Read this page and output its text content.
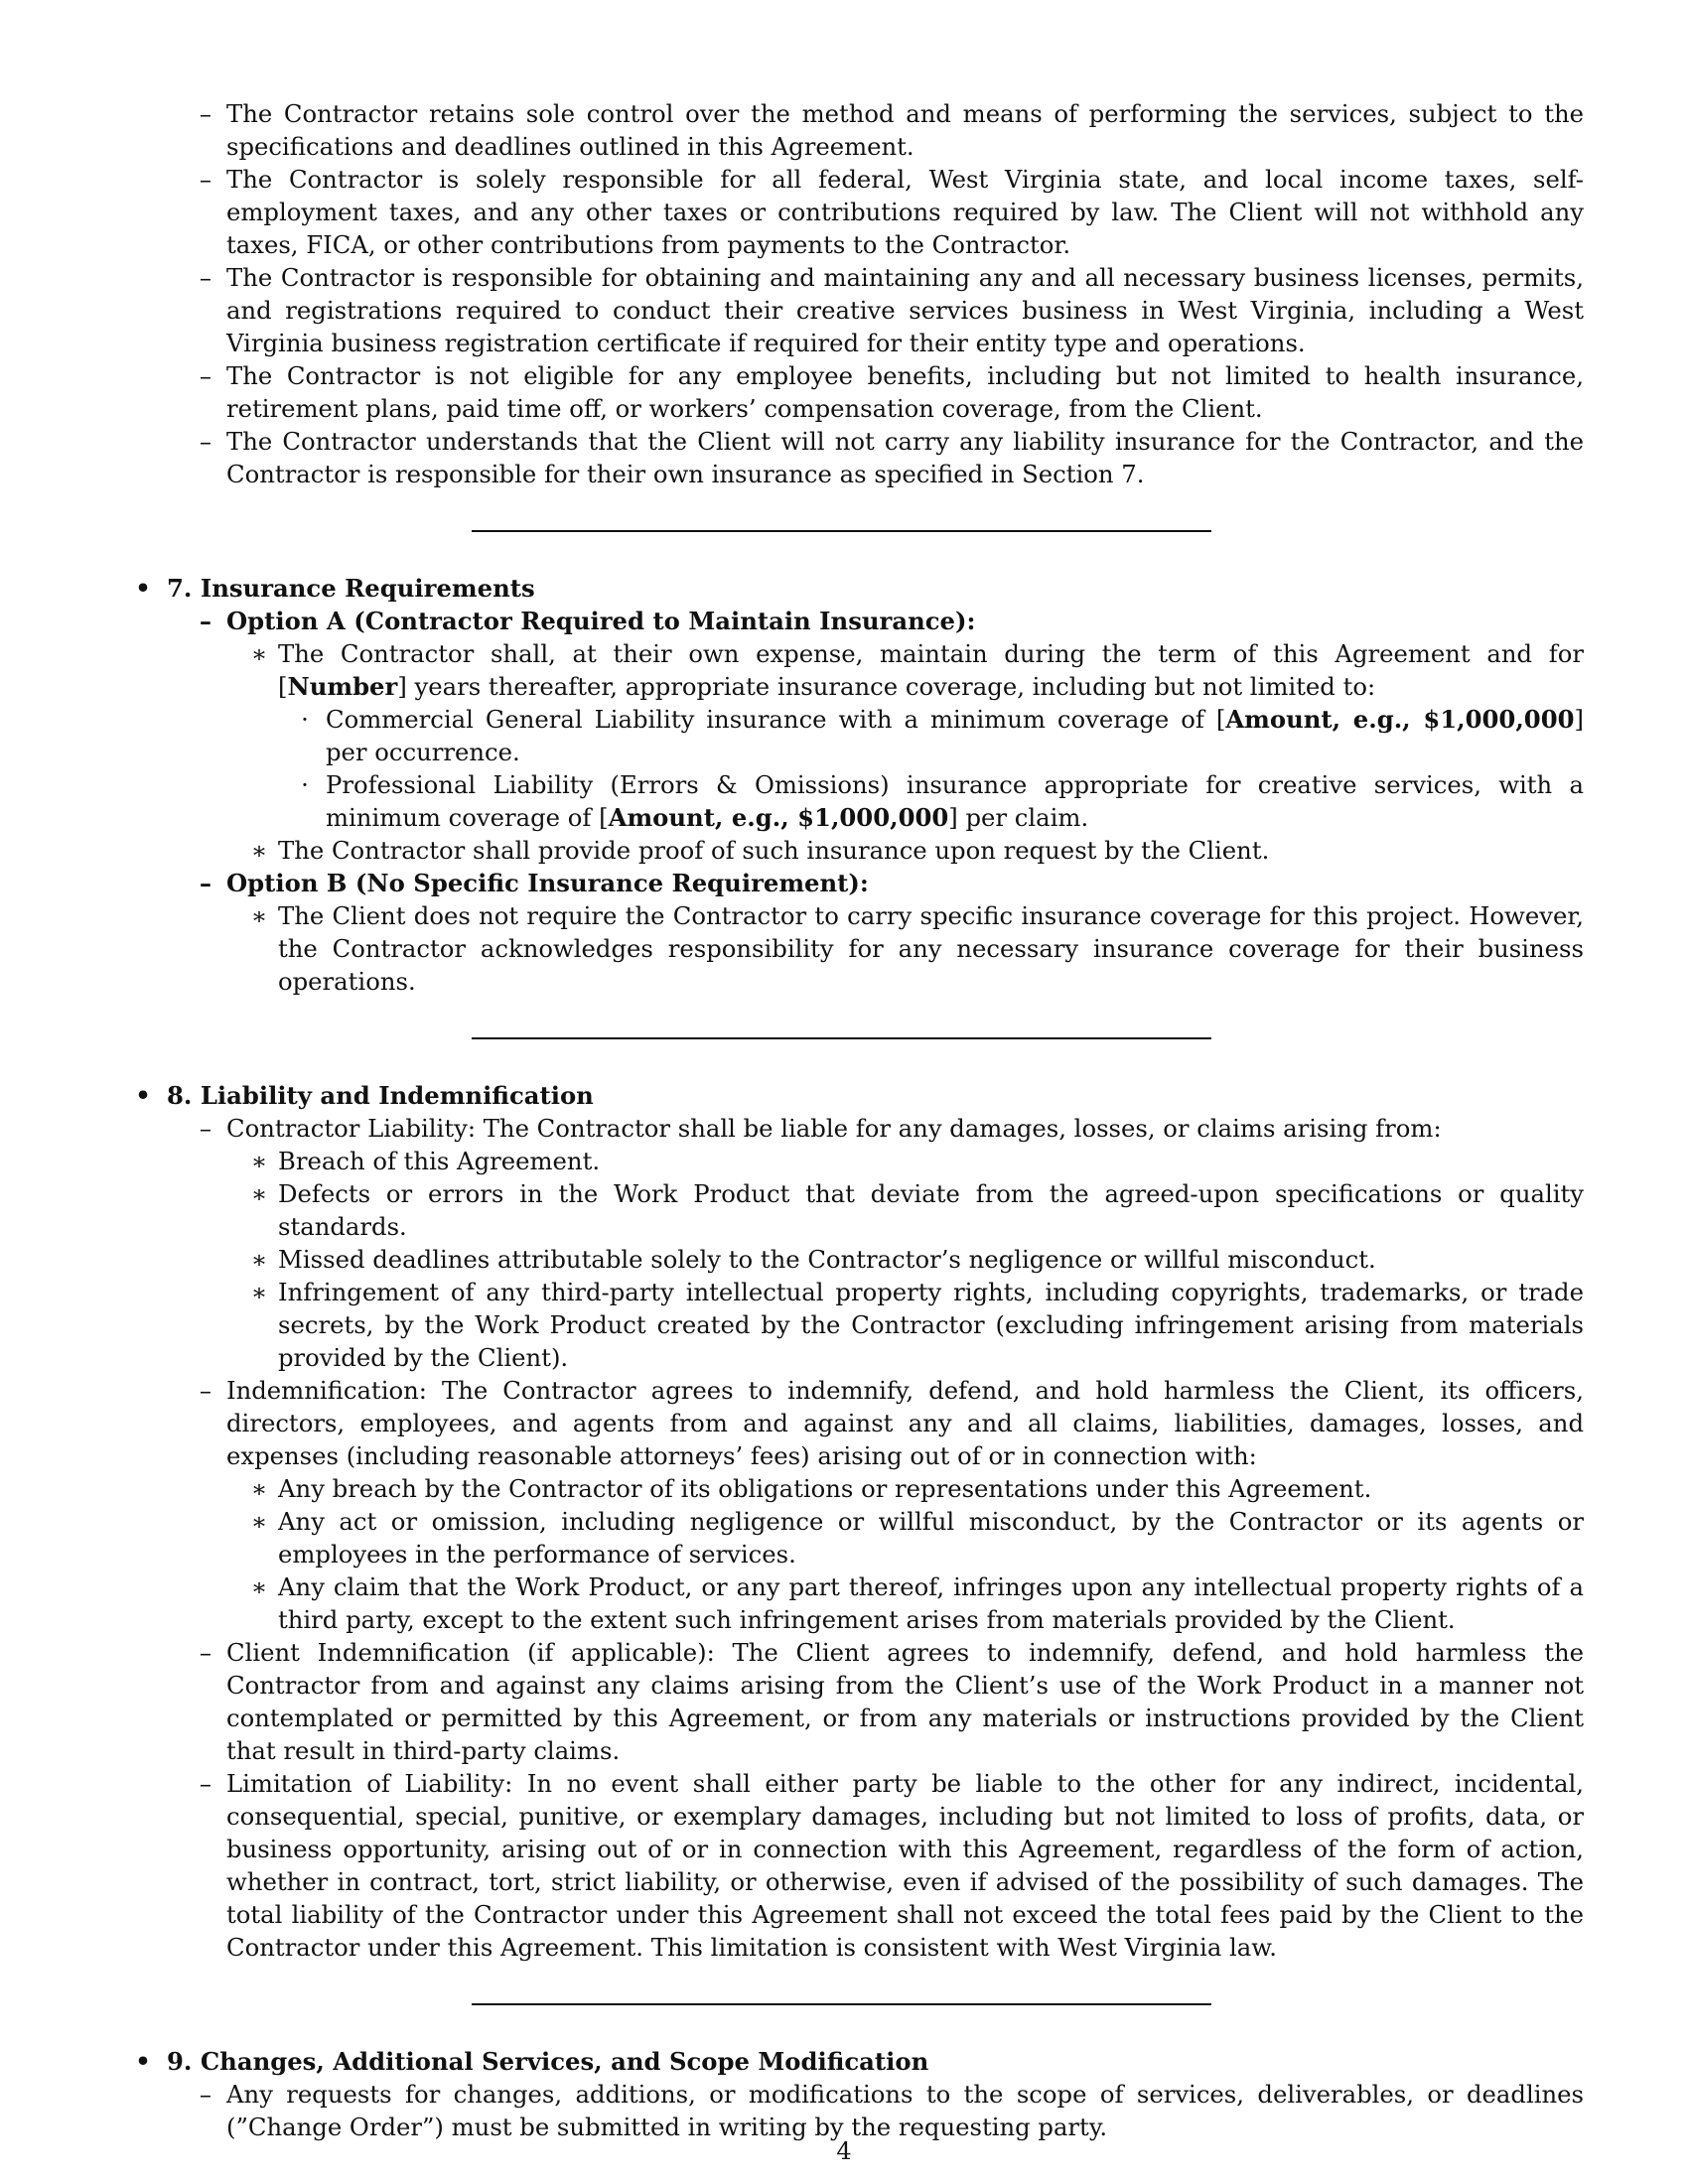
– The Contractor retains sole control over the method and means of performing the services, subject to the specifications and deadlines outlined in this Agreement.
– The Contractor is solely responsible for all federal, West Virginia state, and local income taxes, self-employment taxes, and any other taxes or contributions required by law. The Client will not withhold any taxes, FICA, or other contributions from payments to the Contractor.
– The Contractor is responsible for obtaining and maintaining any and all necessary business licenses, permits, and registrations required to conduct their creative services business in West Virginia, including a West Virginia business registration certificate if required for their entity type and operations.
– The Contractor is not eligible for any employee benefits, including but not limited to health insurance, retirement plans, paid time off, or workers’ compensation coverage, from the Client.
– The Contractor understands that the Client will not carry any liability insurance for the Contractor, and the Contractor is responsible for their own insurance as specified in Section 7.
• 7. Insurance Requirements
– Option A (Contractor Required to Maintain Insurance):
∗ The Contractor shall, at their own expense, maintain during the term of this Agreement and for [Number] years thereafter, appropriate insurance coverage, including but not limited to:
· Commercial General Liability insurance with a minimum coverage of [Amount, e.g., $1,000,000] per occurrence.
· Professional Liability (Errors & Omissions) insurance appropriate for creative services, with a minimum coverage of [Amount, e.g., $1,000,000] per claim.
∗ The Contractor shall provide proof of such insurance upon request by the Client.
– Option B (No Specific Insurance Requirement):
∗ The Client does not require the Contractor to carry specific insurance coverage for this project. However, the Contractor acknowledges responsibility for any necessary insurance coverage for their business operations.
• 8. Liability and Indemnification
– Contractor Liability: The Contractor shall be liable for any damages, losses, or claims arising from:
∗ Breach of this Agreement.
∗ Defects or errors in the Work Product that deviate from the agreed-upon specifications or quality standards.
∗ Missed deadlines attributable solely to the Contractor’s negligence or willful misconduct.
∗ Infringement of any third-party intellectual property rights, including copyrights, trademarks, or trade secrets, by the Work Product created by the Contractor (excluding infringement arising from materials provided by the Client).
– Indemnification: The Contractor agrees to indemnify, defend, and hold harmless the Client, its officers, directors, employees, and agents from and against any and all claims, liabilities, damages, losses, and expenses (including reasonable attorneys’ fees) arising out of or in connection with:
∗ Any breach by the Contractor of its obligations or representations under this Agreement.
∗ Any act or omission, including negligence or willful misconduct, by the Contractor or its agents or employees in the performance of services.
∗ Any claim that the Work Product, or any part thereof, infringes upon any intellectual property rights of a third party, except to the extent such infringement arises from materials provided by the Client.
– Client Indemnification (if applicable): The Client agrees to indemnify, defend, and hold harmless the Contractor from and against any claims arising from the Client’s use of the Work Product in a manner not contemplated or permitted by this Agreement, or from any materials or instructions provided by the Client that result in third-party claims.
– Limitation of Liability: In no event shall either party be liable to the other for any indirect, incidental, consequential, special, punitive, or exemplary damages, including but not limited to loss of profits, data, or business opportunity, arising out of or in connection with this Agreement, regardless of the form of action, whether in contract, tort, strict liability, or otherwise, even if advised of the possibility of such damages. The total liability of the Contractor under this Agreement shall not exceed the total fees paid by the Client to the Contractor under this Agreement. This limitation is consistent with West Virginia law.
• 9. Changes, Additional Services, and Scope Modification
– Any requests for changes, additions, or modifications to the scope of services, deliverables, or deadlines (”Change Order”) must be submitted in writing by the requesting party.
4
